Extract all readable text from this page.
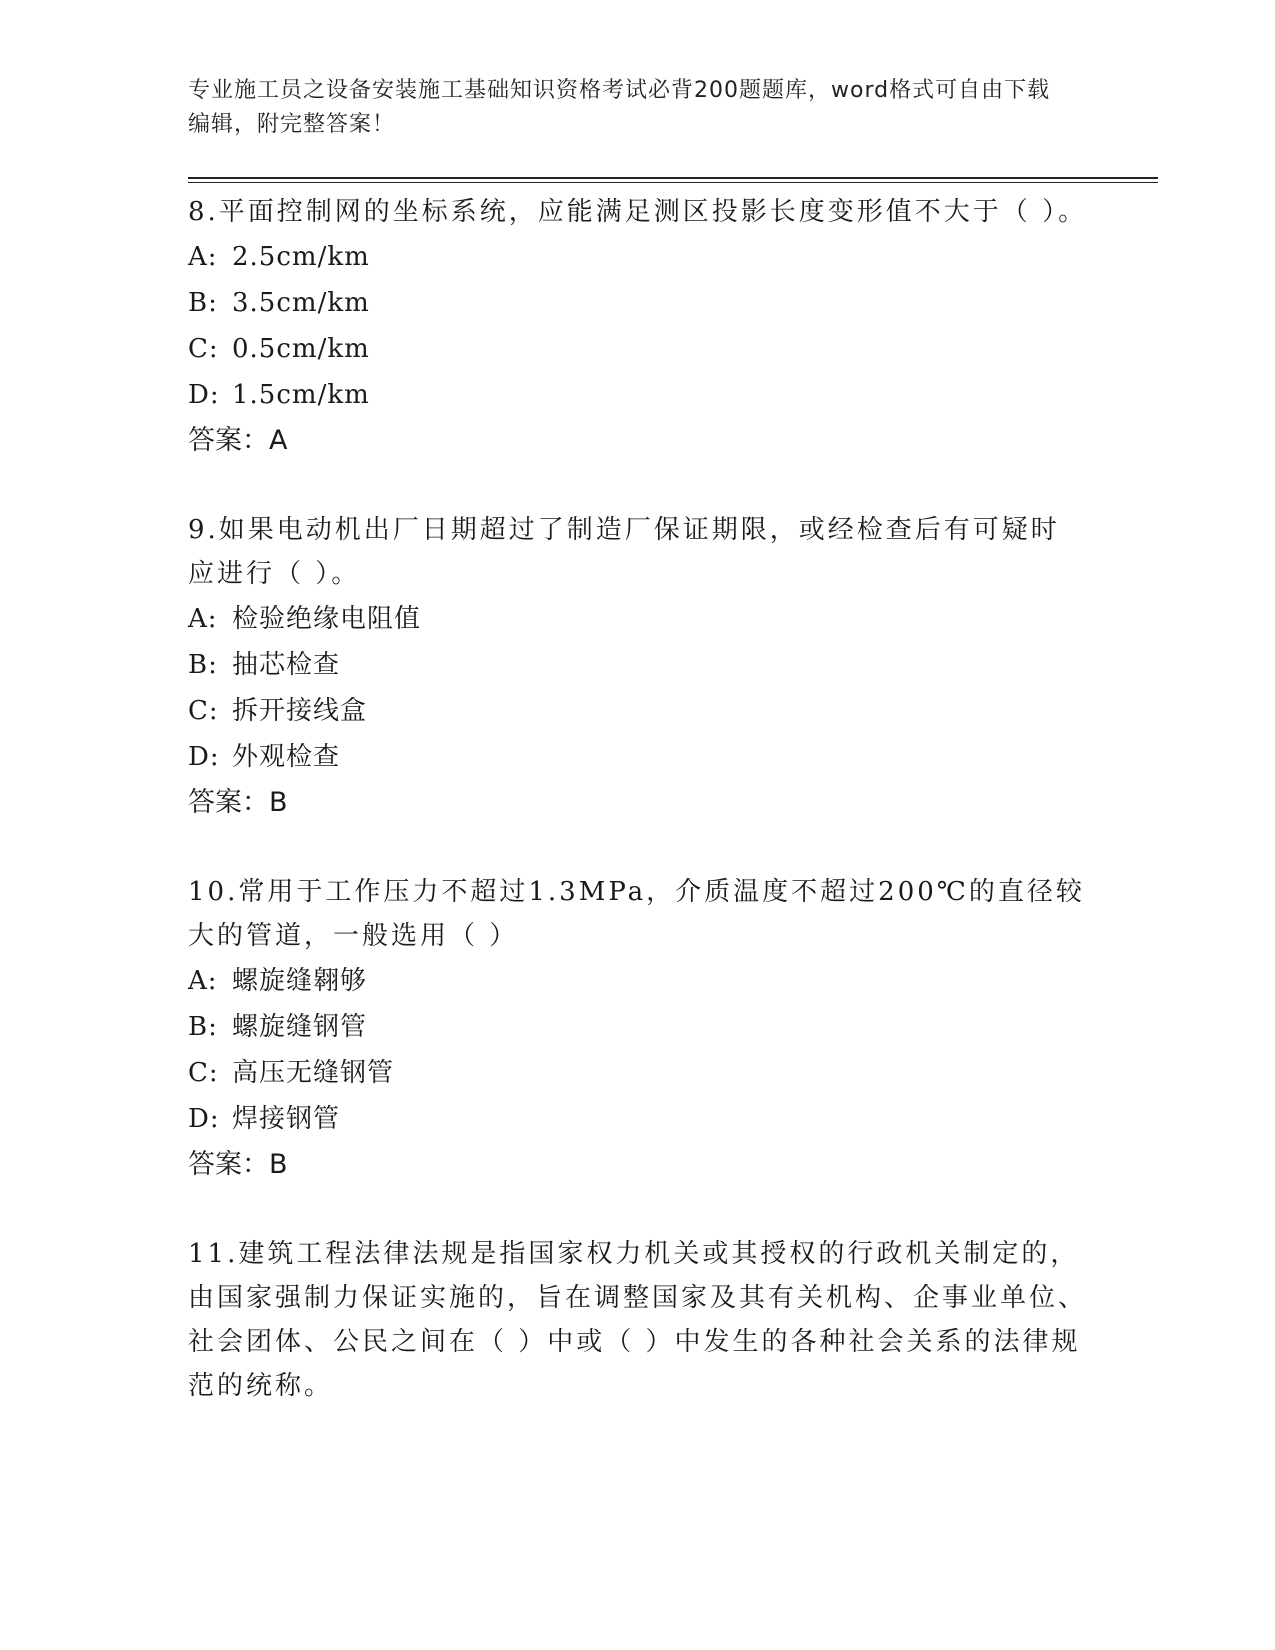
专业施工员之设备安装施工基础知识资格考试必背200题题库，word格式可自由下载编辑，附完整答案！

8.平面控制网的坐标系统，应能满足测区投影长度变形值不大于（ ）。

A: 2.5cm/km

B: 3.5cm/km

C: 0.5cm/km

D: 1.5cm/km

答案：A

9.如果电动机出厂日期超过了制造厂保证期限，或经检查后有可疑时应进行（ ）。

A: 检验绝缘电阻值

B: 抽芯检查

C: 拆开接线盒

D: 外观检查

答案：B

10.常用于工作压力不超过1.3MPa，介质温度不超过200℃的直径较大的管道，一般选用（ ）

A: 螺旋缝翱够

B: 螺旋缝钢管

C: 高压无缝钢管

D: 焊接钢管

答案：B

11.建筑工程法律法规是指国家权力机关或其授权的行政机关制定的，由国家强制力保证实施的，旨在调整国家及其有关机构、企事业单位、社会团体、公民之间在（ ）中或（ ）中发生的各种社会关系的法律规范的统称。
